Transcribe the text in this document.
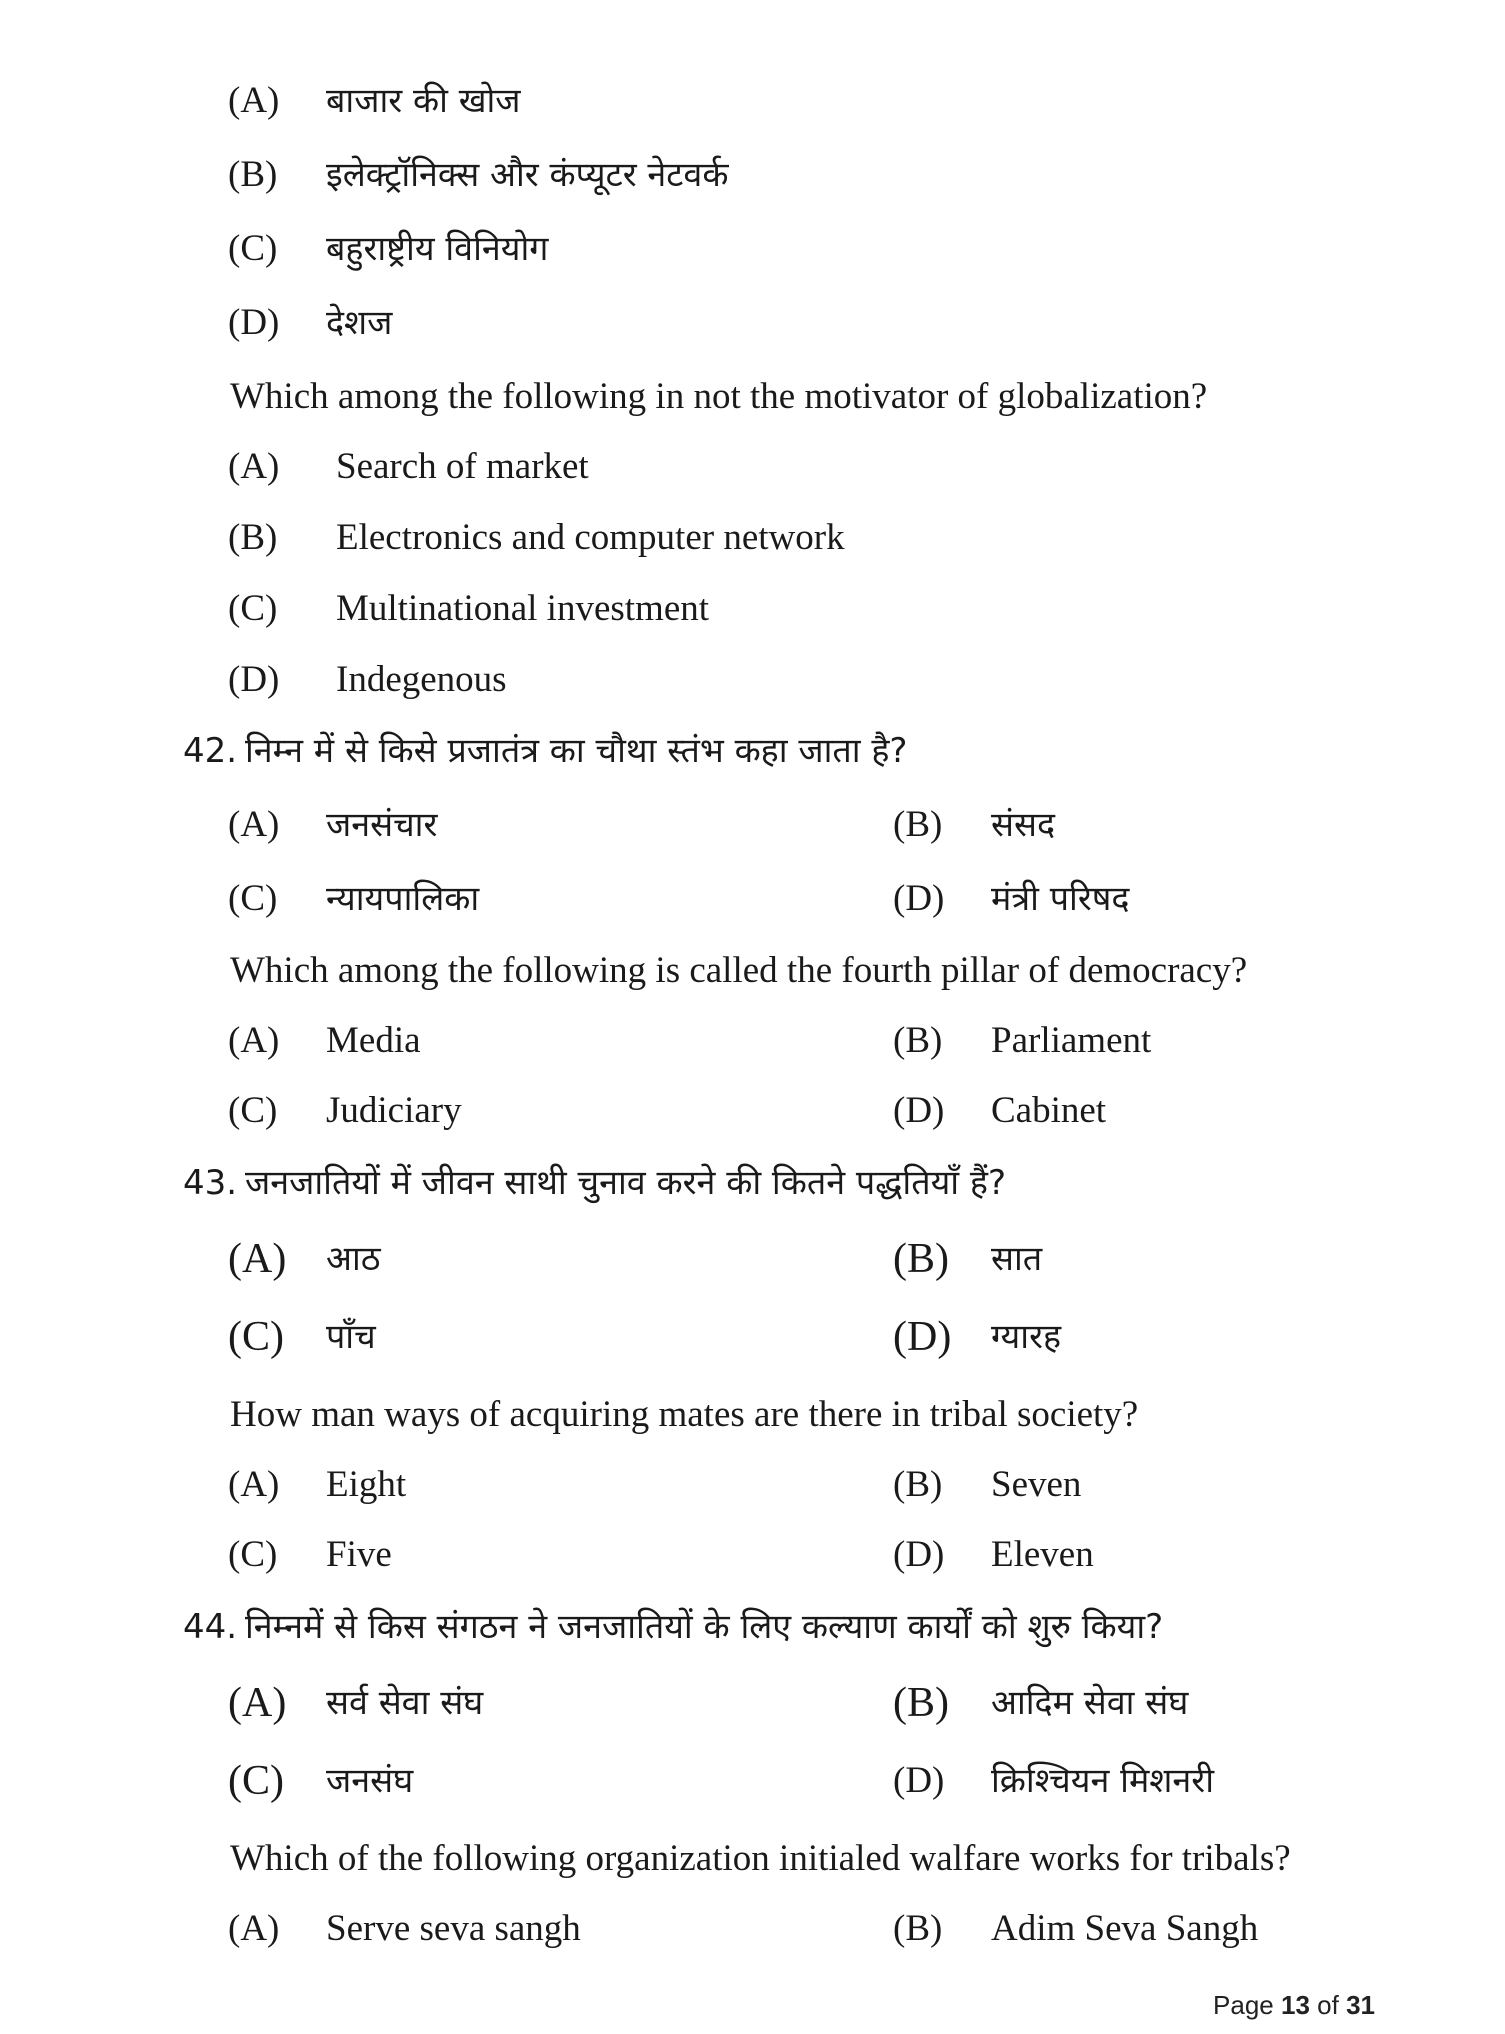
(A) बाजार की खोज
(B) इलेक्ट्रॉनिक्स और कंप्यूटर नेटवर्क
(C) बहुराष्ट्रीय विनियोग
(D) देशज
Which among the following in not the motivator of globalization?
(A) Search of market
(B) Electronics and computer network
(C) Multinational investment
(D) Indegenous
42. निम्न में से किसे प्रजातंत्र का चौथा स्तंभ कहा जाता है?
(A) जनसंचार	(B) संसद
(C) न्यायपालिका	(D) मंत्री परिषद
Which among the following is called the fourth pillar of democracy?
(A) Media	(B) Parliament
(C) Judiciary	(D) Cabinet
43. जनजातियों में जीवन साथी चुनाव करने की कितने पद्धतियाँ हैं?
(A) आठ	(B) सात
(C) पाँच	(D) ग्यारह
How man ways of acquiring mates are there in tribal society?
(A) Eight	(B) Seven
(C) Five	(D) Eleven
44. निम्नमें से किस संगठन ने जनजातियों के लिए कल्याण कार्यों को शुरु किया?
(A) सर्व सेवा संघ	(B) आदिम सेवा संघ
(C) जनसंघ	(D) क्रिश्चियन मिशनरी
Which of the following organization initialed walfare works for tribals?
(A) Serve seva sangh	(B) Adim Seva Sangh
Page 13 of 31
